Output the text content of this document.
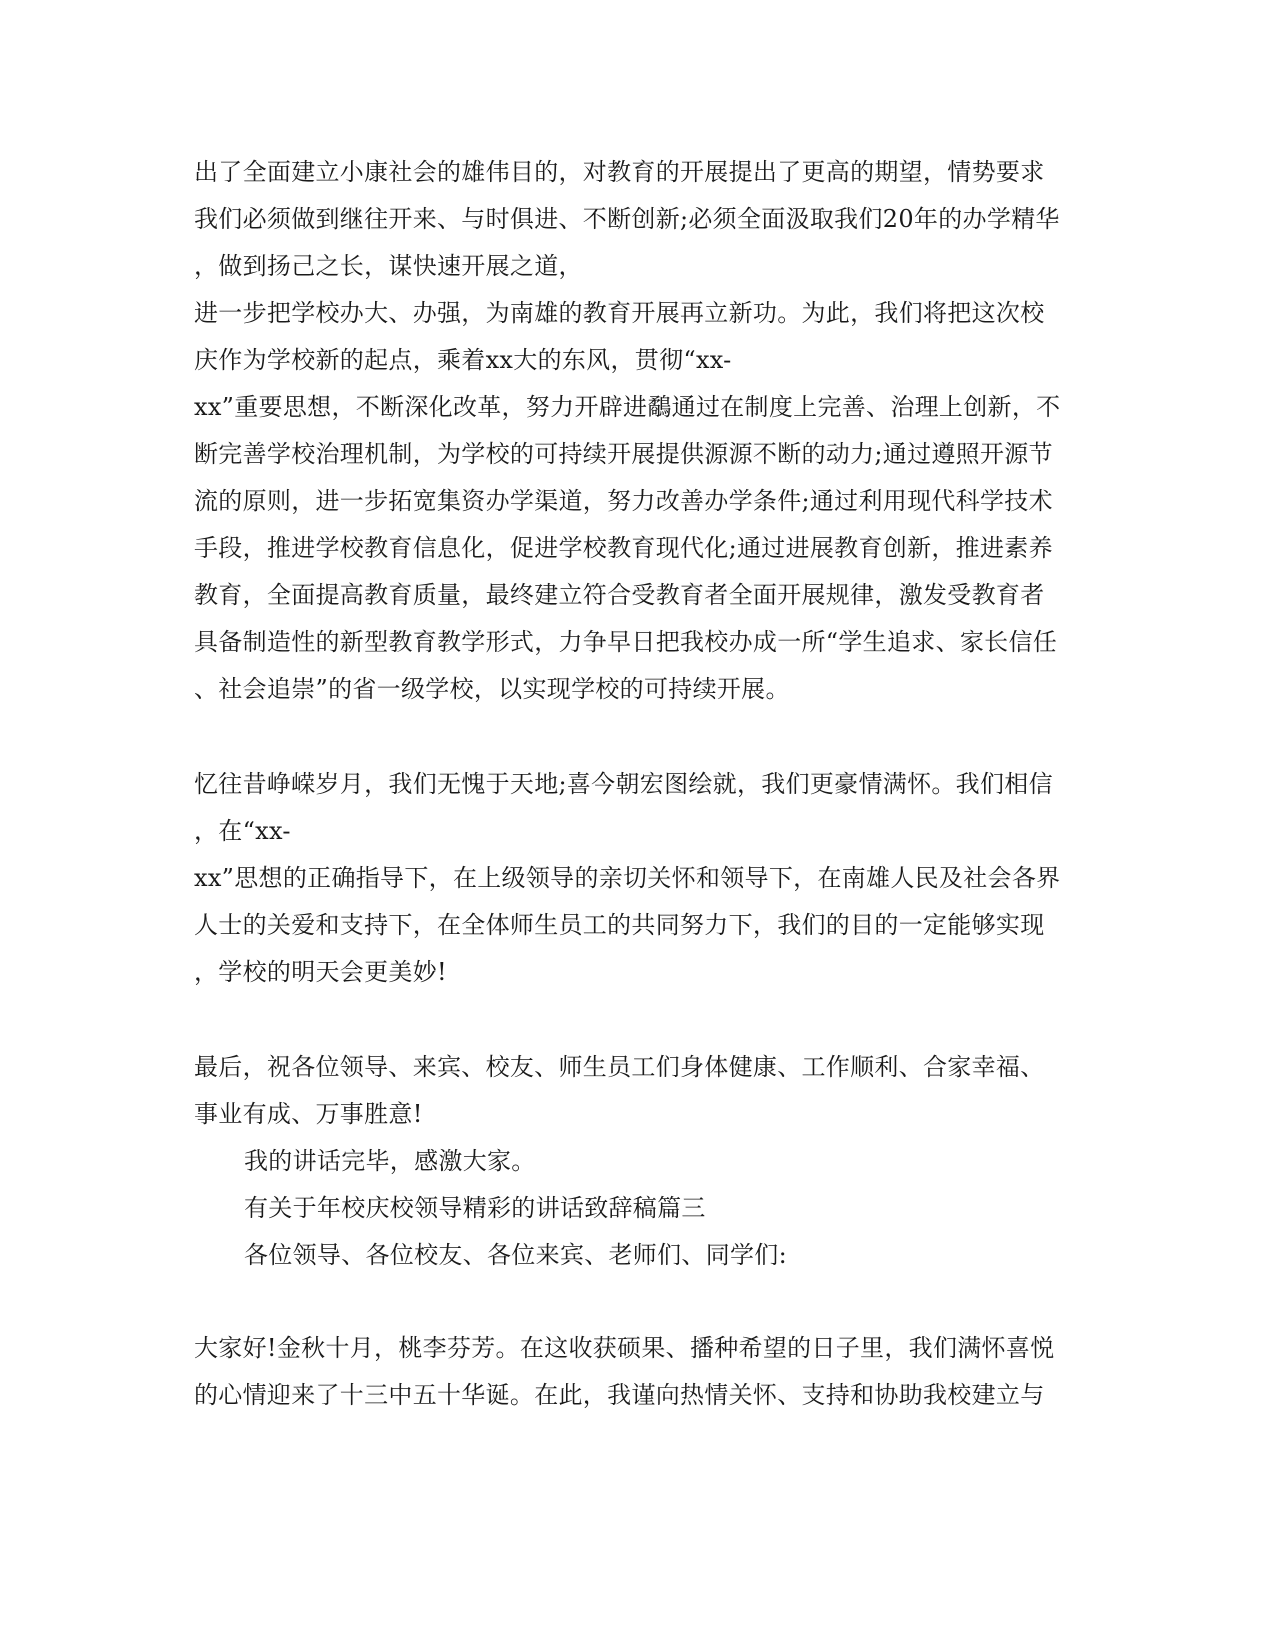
出了全面建立小康社会的雄伟目的，对教育的开展提出了更高的期望，情势要求
我们必须做到继往开来、与时俱进、不断创新;必须全面汲取我们20年的办学精华
，做到扬己之长，谋快速开展之道，
进一步把学校办大、办强，为南雄的教育开展再立新功。为此，我们将把这次校
庆作为学校新的起点，乘着xx大的东风，贯彻“xx-
xx”重要思想，不断深化改革，努力开辟进鷸通过在制度上完善、治理上创新，不
断完善学校治理机制，为学校的可持续开展提供源源不断的动力;通过遵照开源节
流的原则，进一步拓宽集资办学渠道，努力改善办学条件;通过利用现代科学技术
手段，推进学校教育信息化，促进学校教育现代化;通过进展教育创新，推进素养
教育，全面提高教育质量，最终建立符合受教育者全面开展规律，激发受教育者
具备制造性的新型教育教学形式，力争早日把我校办成一所“学生追求、家长信任
、社会追崇”的省一级学校，以实现学校的可持续开展。
忆往昔峥嵘岁月，我们无愧于天地;喜今朝宏图绘就，我们更豪情满怀。我们相信
，在“xx-
xx”思想的正确指导下，在上级领导的亲切关怀和领导下，在南雄人民及社会各界
人士的关爱和支持下，在全体师生员工的共同努力下，我们的目的一定能够实现
，学校的明天会更美妙!
最后，祝各位领导、来宾、校友、师生员工们身体健康、工作顺利、合家幸福、
事业有成、万事胜意!
我的讲话完毕，感激大家。
有关于年校庆校领导精彩的讲话致辞稿篇三
各位领导、各位校友、各位来宾、老师们、同学们:
大家好!金秋十月，桃李芬芳。在这收获硕果、播种希望的日子里，我们满怀喜悦
的心情迎来了十三中五十华诞。在此，我谨向热情关怀、支持和协助我校建立与
